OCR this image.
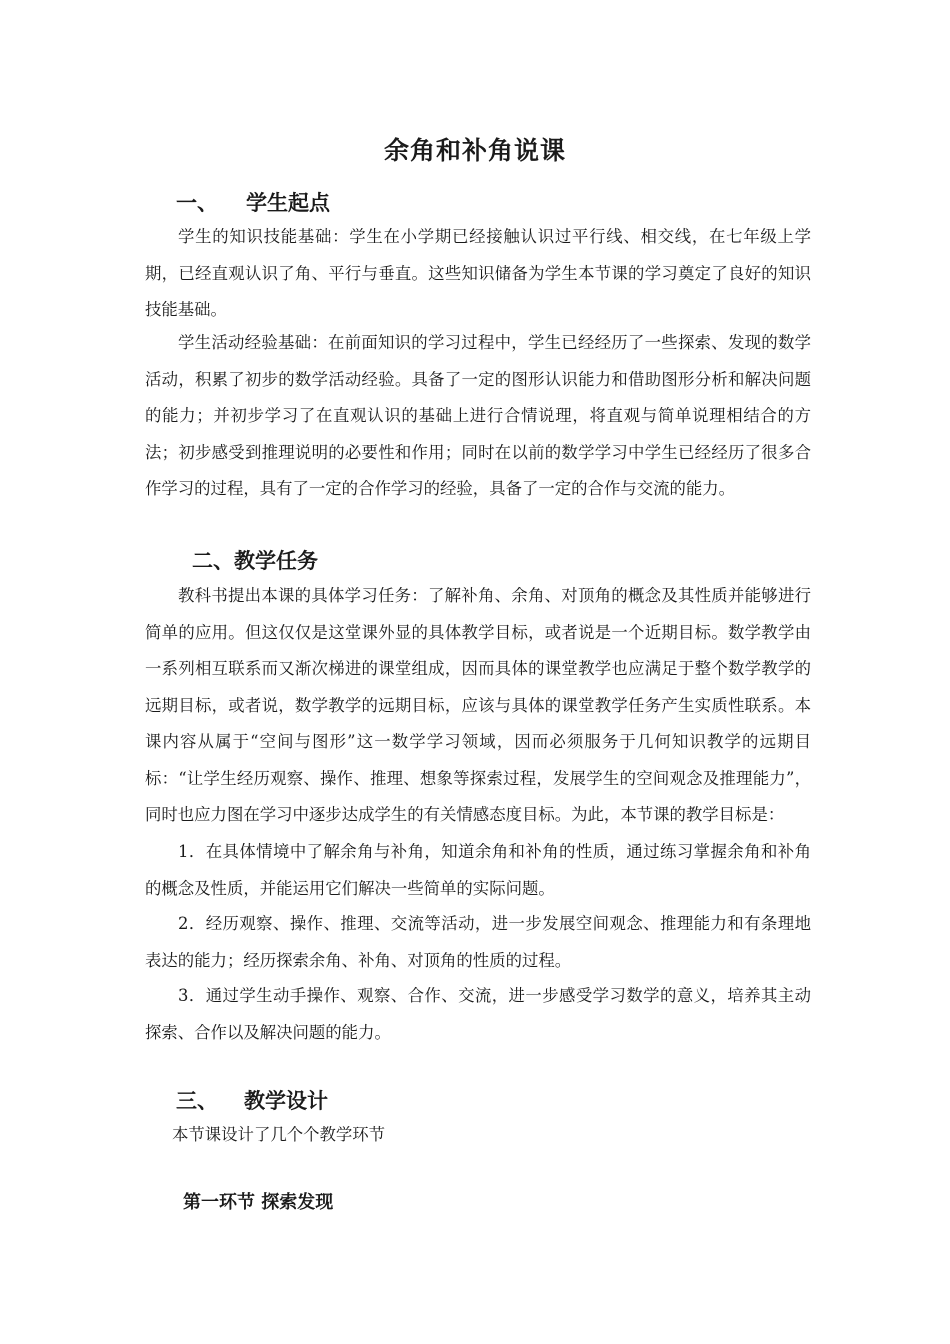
余角和补角说课
一、 学生起点

学生的知识技能基础：学生在小学期已经接触认识过平行线、相交线，在七年级上学期，已经直观认识了角、平行与垂直。这些知识储备为学生本节课的学习奠定了良好的知识技能基础。

学生活动经验基础：在前面知识的学习过程中，学生已经经历了一些探索、发现的数学活动，积累了初步的数学活动经验。具备了一定的图形认识能力和借助图形分析和解决问题的能力；并初步学习了在直观认识的基础上进行合情说理，将直观与简单说理相结合的方法；初步感受到推理说明的必要性和作用；同时在以前的数学学习中学生已经经历了很多合作学习的过程，具有了一定的合作学习的经验，具备了一定的合作与交流的能力。

二、教学任务

教科书提出本课的具体学习任务：了解补角、余角、对顶角的概念及其性质并能够进行简单的应用。但这仅仅是这堂课外显的具体教学目标，或者说是一个近期目标。数学教学由一系列相互联系而又渐次梯进的课堂组成，因而具体的课堂教学也应满足于整个数学教学的远期目标，或者说，数学教学的远期目标，应该与具体的课堂教学任务产生实质性联系。本课内容从属于“空间与图形”这一数学学习领域，因而必须服务于几何知识教学的远期目标：“让学生经历观察、操作、推理、想象等探索过程，发展学生的空间观念及推理能力”，同时也应力图在学习中逐步达成学生的有关情感态度目标。为此，本节课的教学目标是：

1．在具体情境中了解余角与补角，知道余角和补角的性质，通过练习掌握余角和补角的概念及性质，并能运用它们解决一些简单的实际问题。

2．经历观察、操作、推理、交流等活动，进一步发展空间观念、推理能力和有条理地表达的能力；经历探索余角、补角、对顶角的性质的过程。

3．通过学生动手操作、观察、合作、交流，进一步感受学习数学的意义，培养其主动探索、合作以及解决问题的能力。

三、 教学设计

本节课设计了几个个教学环节

第一环节 探索发现
